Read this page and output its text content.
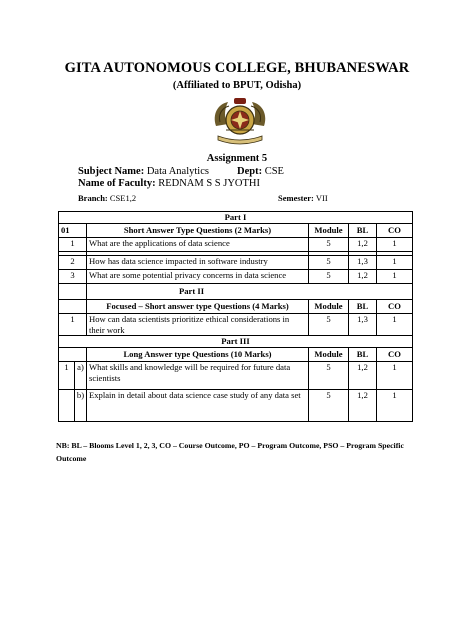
GITA AUTONOMOUS COLLEGE, BHUBANESWAR
(Affiliated to BPUT, Odisha)
Assignment 5
Subject Name: Data Analytics	Dept: CSE
Name of Faculty: REDNAM S S JYOTHI
Branch: CSE1,2	Semester: VII
Part I					
01		Short Answer Type Questions (2 Marks)	Module	BL	CO
1		What are the applications of data science	5	1,2	1

2		How has data science impacted in software industry	5	1,3	1
3		What are some potential privacy concerns in data science	5	1,2	1
		Part II			
		Focused – Short answer type Questions (4 Marks)	Module	BL	CO
1		How can data scientists prioritize ethical considerations in their work	5	1,3	1
Part III					
		Long Answer type Questions (10 Marks)	Module	BL	CO
1	a)	What skills and knowledge will be required for future data scientists	5	1,2	1
	b)	Explain in detail about data science case study of any data set	5	1,2	1
NB: BL – Blooms Level 1, 2, 3, CO – Course Outcome, PO – Program Outcome, PSO – Program Specific Outcome
